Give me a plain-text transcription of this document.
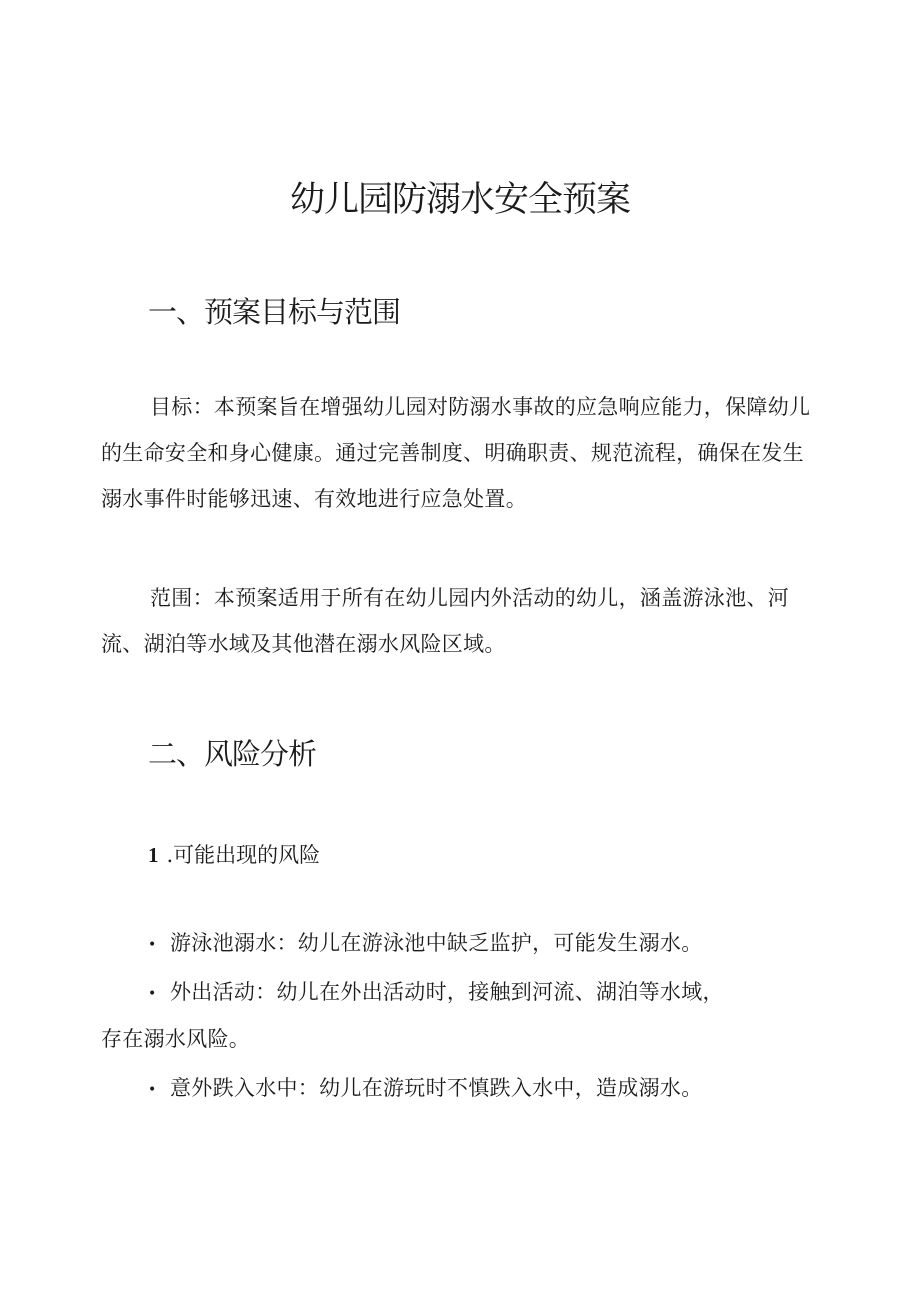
幼儿园防溺水安全预案
一、预案目标与范围
目标：本预案旨在增强幼儿园对防溺水事故的应急响应能力，保障幼儿
的生命安全和身心健康。通过完善制度、明确职责、规范流程，确保在发生
溺水事件时能够迅速、有效地进行应急处置。
范围：本预案适用于所有在幼儿园内外活动的幼儿，涵盖游泳池、河
流、湖泊等水域及其他潜在溺水风险区域。
二、风险分析
1 .可能出现的风险
• 游泳池溺水：幼儿在游泳池中缺乏监护，可能发生溺水。
• 外出活动：幼儿在外出活动时，接触到河流、湖泊等水域，
存在溺水风险。
• 意外跌入水中：幼儿在游玩时不慎跌入水中，造成溺水。
